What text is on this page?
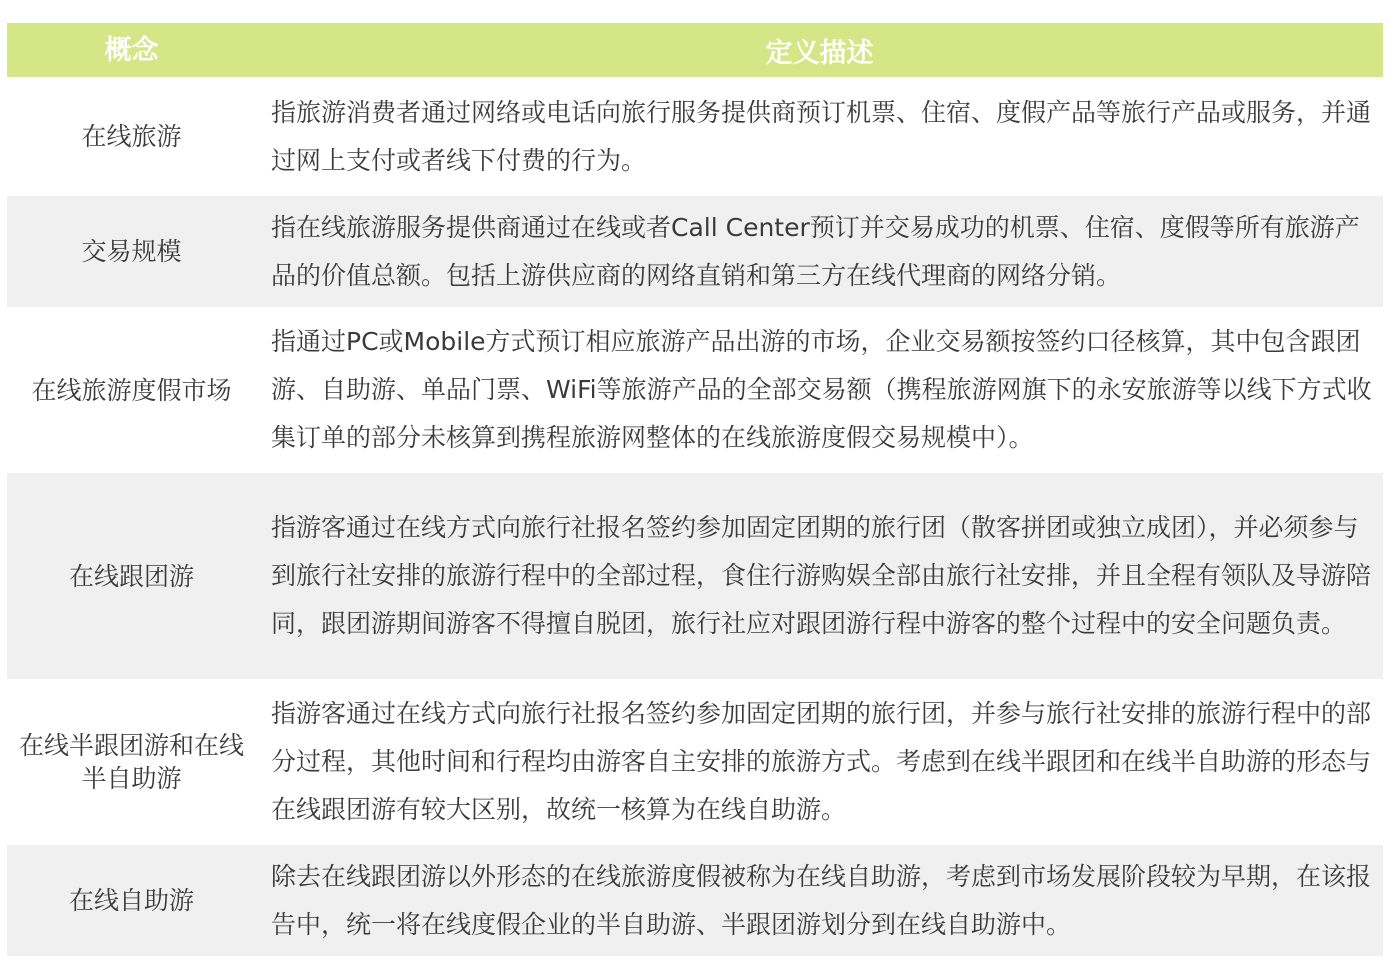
概念	定义描述
在线旅游
指旅游消费者通过网络或电话向旅行服务提供商预订机票、住宿、度假产品等旅行产品或服务，并通过网上支付或者线下付费的行为。
交易规模
指在线旅游服务提供商通过在线或者Call Center预订并交易成功的机票、住宿、度假等所有旅游产品的价值总额。包括上游供应商的网络直销和第三方在线代理商的网络分销。
在线旅游度假市场
指通过PC或Mobile方式预订相应旅游产品出游的市场，企业交易额按签约口径核算，其中包含跟团游、自助游、单品门票、WiFi等旅游产品的全部交易额（携程旅游网旗下的永安旅游等以线下方式收集订单的部分未核算到携程旅游网整体的在线旅游度假交易规模中）。
在线跟团游
指游客通过在线方式向旅行社报名签约参加固定团期的旅行团（散客拼团或独立成团），并必须参与到旅行社安排的旅游行程中的全部过程，食住行游购娱全部由旅行社安排，并且全程有领队及导游陪同，跟团游期间游客不得擅自脱团，旅行社应对跟团游行程中游客的整个过程中的安全问题负责。
在线半跟团游和在线半自助游
指游客通过在线方式向旅行社报名签约参加固定团期的旅行团，并参与旅行社安排的旅游行程中的部分过程，其他时间和行程均由游客自主安排的旅游方式。考虑到在线半跟团和在线半自助游的形态与在线跟团游有较大区别，故统一核算为在线自助游。
在线自助游
除去在线跟团游以外形态的在线旅游度假被称为在线自助游，考虑到市场发展阶段较为早期，在该报告中，统一将在线度假企业的半自助游、半跟团游划分到在线自助游中。
